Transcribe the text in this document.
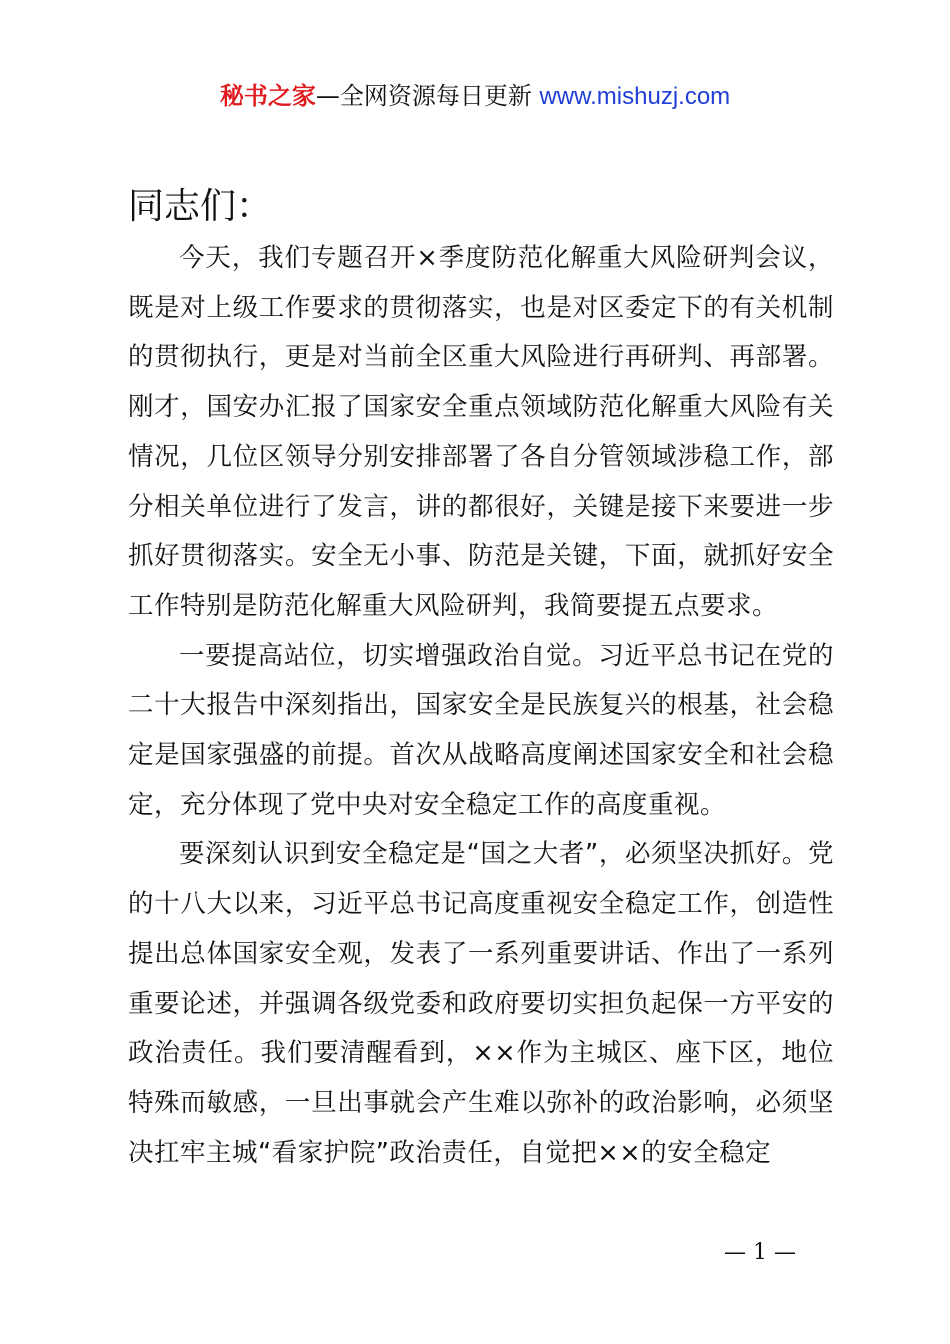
秘书之家—全网资源每日更新 www.mishuzj.com

同志们：

今天，我们专题召开×季度防范化解重大风险研判会议，既是对上级工作要求的贯彻落实，也是对区委定下的有关机制的贯彻执行，更是对当前全区重大风险进行再研判、再部署。刚才，国安办汇报了国家安全重点领域防范化解重大风险有关情况，几位区领导分别安排部署了各自分管领域涉稳工作，部分相关单位进行了发言，讲的都很好，关键是接下来要进一步抓好贯彻落实。安全无小事、防范是关键，下面，就抓好安全工作特别是防范化解重大风险研判，我简要提五点要求。

一要提高站位，切实增强政治自觉。习近平总书记在党的二十大报告中深刻指出，国家安全是民族复兴的根基，社会稳定是国家强盛的前提。首次从战略高度阐述国家安全和社会稳定，充分体现了党中央对安全稳定工作的高度重视。

要深刻认识到安全稳定是“国之大者”，必须坚决抓好。党的十八大以来，习近平总书记高度重视安全稳定工作，创造性提出总体国家安全观，发表了一系列重要讲话、作出了一系列重要论述，并强调各级党委和政府要切实担负起保一方平安的政治责任。我们要清醒看到，××作为主城区、座下区，地位特殊而敏感，一旦出事就会产生难以弥补的政治影响，必须坚决扛牢主城“看家护院”政治责任，自觉把××的安全稳定

— 1 —
